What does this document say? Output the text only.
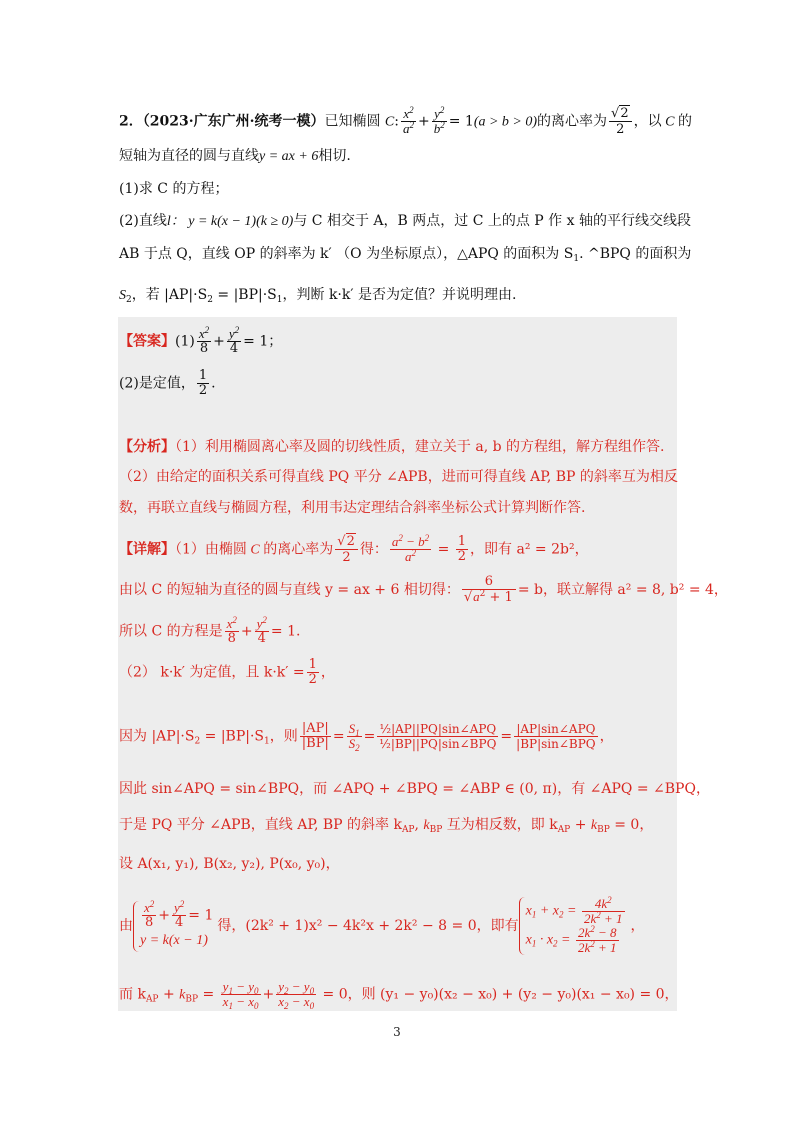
2．（2023·广东广州·统考一模）已知椭圆 C: $\frac{x^2}{a^2} + \frac{y^2}{b^2} = 1(a > b > 0)$的离心率为 $\frac{√2}{2}$ ，以 C 的
短轴为直径的圆与直线y = ax + 6相切.
(1)求 C 的方程；
(2)直线l： y = k(x − 1)(k ≥ 0)与 C 相交于 A，B 两点，过 C 上的点 P 作 x 轴的平行线交线段
AB 于点 Q，直线 OP 的斜率为 k′ （O 为坐标原点），△APQ 的面积为 $S_1$. ^BPQ 的面积为
$S_2$，若 $|AP|\cdot S_2 = |BP|\cdot S_1$，判断 k·k′ 是否为定值？并说明理由.
【答案】$(1) \frac{x^2}{8} + \frac{y^2}{4} = 1$；
(2)是定值， $\frac{1}{2}$ .
【分析】（1）利用椭圆离心率及圆的切线性质，建立关于 a, b 的方程组，解方程组作答.
（2）由给定的面积关系可得直线 PQ 平分 ∠APB，进而可得直线 AP, BP 的斜率互为相反
数，再联立直线与椭圆方程，利用韦达定理结合斜率坐标公式计算判断作答.
【详解】（1）由椭圆 C 的离心率为 $\frac{√2}{2}$ 得： $\frac{a^2 - b^2}{a^2} = \frac{1}{2}$ ，即有 a² = 2b²，
由以 C 的短轴为直径的圆与直线 y = ax + 6 相切得： $\frac{6}{√a^2 + 1} = b$，联立解得 a² = 8, b² = 4，
所以 C 的方程是 $\frac{x^2}{8} + \frac{y^2}{4} = 1$.
（2） k·k′ 为定值，且 $k\cdot k' = \frac{1}{2}$ ，
因为 $|AP|\cdot S_2 = |BP|\cdot S_1$，则 $\frac{|AP|}{|BP|} = \frac{S_1}{S_2} = \frac{\text{½|AP||PQ|sin∠APQ}}{\text{½|BP||PQ|sin∠BPQ}} = \frac{\text{|AP|sin∠APQ}}{\text{|BP|sin∠BPQ}}$ ，
因此 sin∠APQ = sin∠BPQ，而 ∠APQ + ∠BPQ = ∠ABP ∈ (0, π)，有 ∠APQ = ∠BPQ，
于是 PQ 平分 ∠APB，直线 AP, BP 的斜率 $k_{AP}$, $k_{BP}$ 互为相反数，即 $k_{AP} + k_{BP} = 0$，
设 A(x₁, y₁), B(x₂, y₂), P(x₀, y₀)，
由 $\frac{x^2}{8} + \frac{y^2}{4} = 1$
y = k(x − 1)
得，(2k² + 1)x² − 4k²x + 2k² − 8 = 0，即有
$x_1 + x_2 = \frac{4k^2}{2k^2 + 1}$
$x_1 \cdot x_2 = \frac{2k^2 - 8}{2k^2 + 1}$ ，
而 $k_{AP} + k_{BP} = \frac{y_1 - y_0}{x_1 - x_0} + \frac{y_2 - y_0}{x_2 - x_0} = 0$，则 (y₁ − y₀)(x₂ − x₀) + (y₂ − y₀)(x₁ − x₀) = 0，
3
